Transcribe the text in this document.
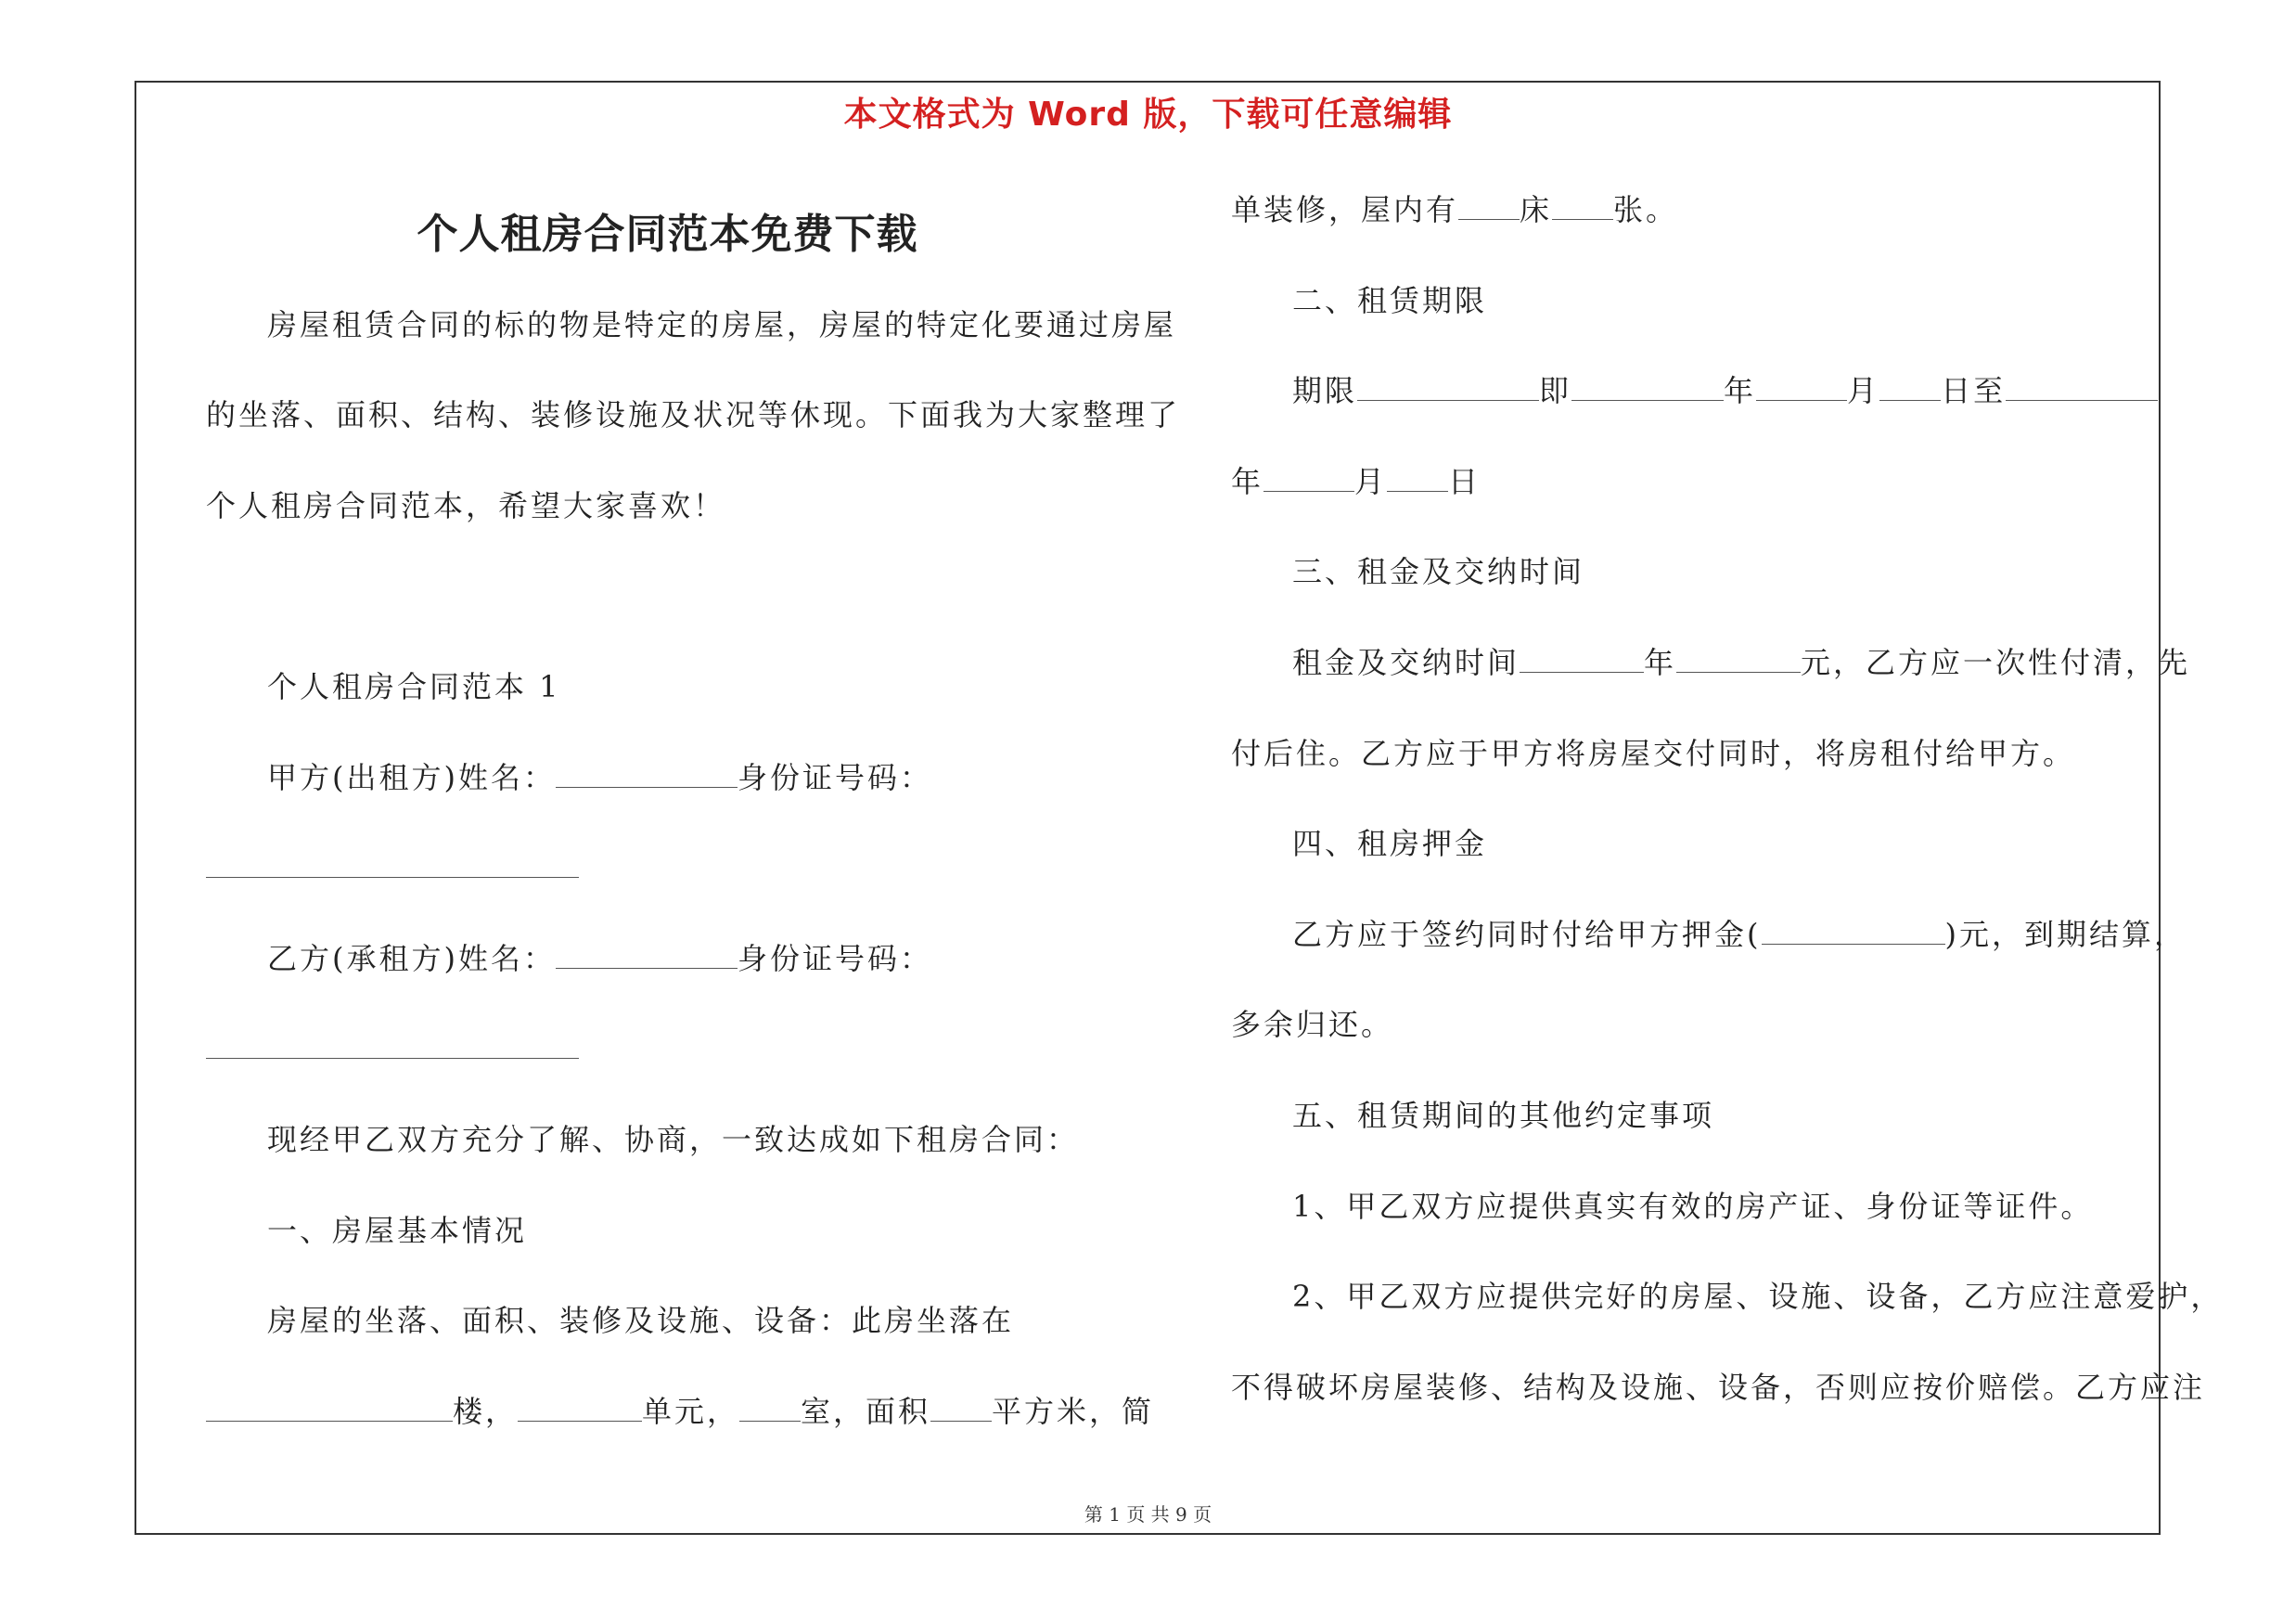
本文格式为 Word 版，下载可任意编辑
个人租房合同范本免费下载
房屋租赁合同的标的物是特定的房屋，房屋的特定化要通过房屋
的坐落、面积、结构、装修设施及状况等休现。下面我为大家整理了
个人租房合同范本，希望大家喜欢！
个人租房合同范本 1
甲方(出租方)姓名：	身份证号码：
乙方(承租方)姓名：	身份证号码：
现经甲乙双方充分了解、协商，一致达成如下租房合同：
一、房屋基本情况
房屋的坐落、面积、装修及设施、设备：此房坐落在
楼，	单元， 室，面积 平方米，简
单装修，屋内有 床 张。
二、租赁期限
期限	即	年	月 日至
年	月 日
三、租金及交纳时间
租金及交纳时间	年	元，乙方应一次性付清，先
付后住。乙方应于甲方将房屋交付同时，将房租付给甲方。
四、租房押金
乙方应于签约同时付给甲方押金(	)元，到期结算，
多余归还。
五、租赁期间的其他约定事项
1、甲乙双方应提供真实有效的房产证、身份证等证件。
2、甲乙双方应提供完好的房屋、设施、设备，乙方应注意爱护，
不得破坏房屋装修、结构及设施、设备，否则应按价赔偿。乙方应注
第 1 页 共 9 页
